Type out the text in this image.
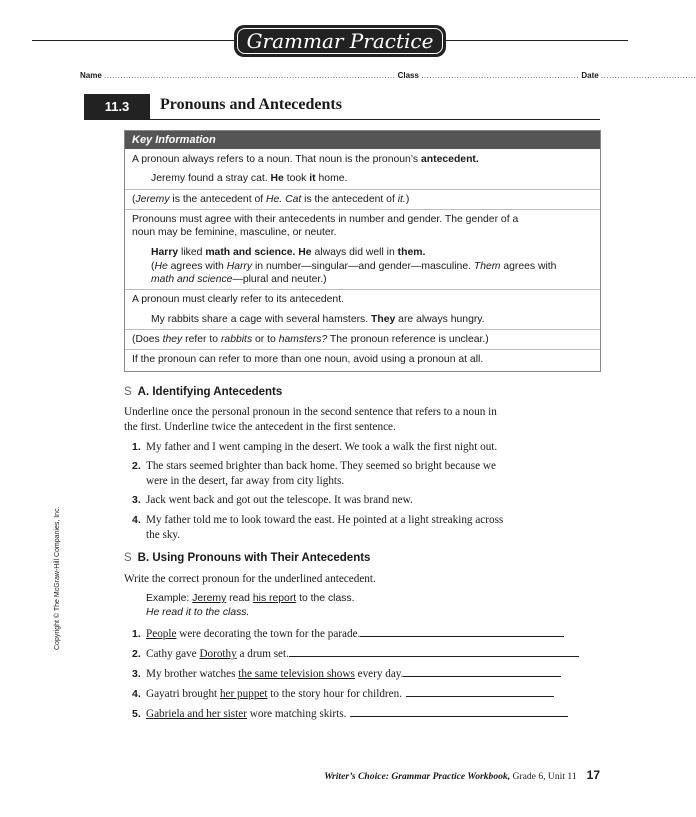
Grammar Practice
Name ........................................................................................................... Class .......................................................... Date ...................................
11.3	Pronouns and Antecedents
Key Information
A pronoun always refers to a noun. That noun is the pronoun’s antecedent.
Jeremy found a stray cat. He took it home.
(Jeremy is the antecedent of He. Cat is the antecedent of it.)
Pronouns must agree with their antecedents in number and gender. The gender of a
noun may be feminine, masculine, or neuter.
Harry liked math and science. He always did well in them.
(He agrees with Harry in number—singular—and gender—masculine. Them agrees with
math and science—plural and neuter.)
A pronoun must clearly refer to its antecedent.
My rabbits share a cage with several hamsters. They are always hungry.
(Does they refer to rabbits or to hamsters? The pronoun reference is unclear.)
If the pronoun can refer to more than one noun, avoid using a pronoun at all.
Copyright © The McGraw-Hill Companies, Inc.
S A. Identifying Antecedents
Underline once the personal pronoun in the second sentence that refers to a noun in
the first. Underline twice the antecedent in the first sentence.
1. My father and I went camping in the desert. We took a walk the first night out.
2. The stars seemed brighter than back home. They seemed so bright because we
were in the desert, far away from city lights.
3. Jack went back and got out the telescope. It was brand new.
4. My father told me to look toward the east. He pointed at a light streaking across
the sky.
S B. Using Pronouns with Their Antecedents
Write the correct pronoun for the underlined antecedent.
Example: Jeremy read his report to the class.
He read it to the class.
1. People were decorating the town for the parade.
2. Cathy gave Dorothy a drum set.
3. My brother watches the same television shows every day.
4. Gayatri brought her puppet to the story hour for children.
5. Gabriela and her sister wore matching skirts.
Writer’s Choice: Grammar Practice Workbook, Grade 6, Unit 11 17
